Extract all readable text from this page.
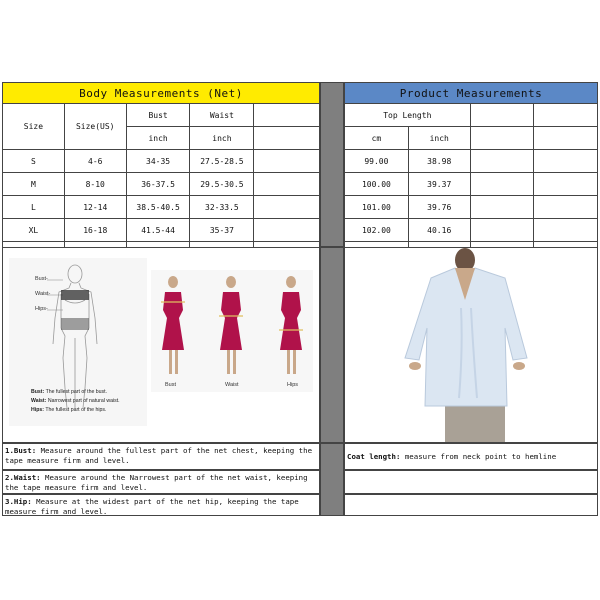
Body Measurements (Net)				
Size	Size(US)	Bust	Waist	
		inch	inch	
S	4-6	34-35	27.5-28.5	
M	8-10	36-37.5	29.5-30.5	
L	12-14	38.5-40.5	32-33.5	
XL	16-18	41.5-44	35-37	

Product Measurements			
Top Length			
cm	inch		
99.00	38.98		
100.00	39.37		
101.00	39.76		
102.00	40.16		

Bust-
Waist-
Hips-
Bust: The fullest part of the bust.
Waist: Narrowest part of natural waist.
Hips: The fullest part of the hips.
Bust	Waist	Hips
1.Bust: Measure around the fullest part of the net chest, keeping the tape measure firm and level.
2.Waist: Measure around the Narrowest part of the net waist, keeping the tape measure firm and level.
3.Hip: Measure at the widest part of the net hip, keeping the tape measure firm and level.
Coat length: measure from neck point to hemline
